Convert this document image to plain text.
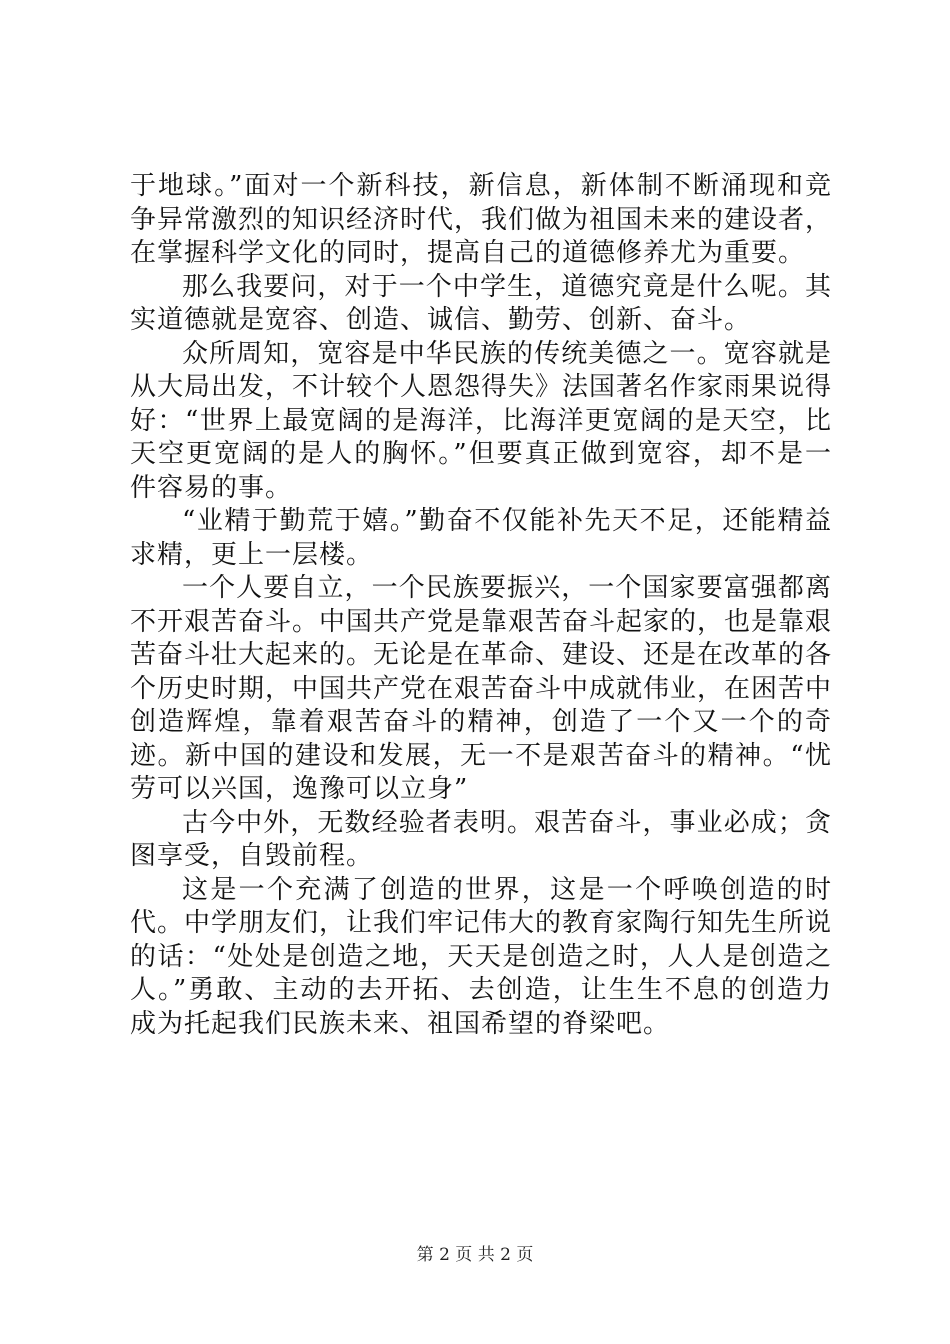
于地球。”面对一个新科技，新信息，新体制不断涌现和竞争异常激烈的知识经济时代，我们做为祖国未来的建设者，在掌握科学文化的同时，提高自己的道德修养尤为重要。

那么我要问，对于一个中学生，道德究竟是什么呢。其实道德就是宽容、创造、诚信、勤劳、创新、奋斗。

众所周知，宽容是中华民族的传统美德之一。宽容就是从大局出发，不计较个人恩怨得失》法国著名作家雨果说得好：“世界上最宽阔的是海洋，比海洋更宽阔的是天空，比天空更宽阔的是人的胸怀。”但要真正做到宽容，却不是一件容易的事。

“业精于勤荒于嬉。”勤奋不仅能补先天不足，还能精益求精，更上一层楼。

一个人要自立，一个民族要振兴，一个国家要富强都离不开艰苦奋斗。中国共产党是靠艰苦奋斗起家的，也是靠艰苦奋斗壮大起来的。无论是在革命、建设、还是在改革的各个历史时期，中国共产党在艰苦奋斗中成就伟业，在困苦中创造辉煌，靠着艰苦奋斗的精神，创造了一个又一个的奇迹。新中国的建设和发展，无一不是艰苦奋斗的精神。“忧劳可以兴国，逸豫可以立身”

古今中外，无数经验者表明。艰苦奋斗，事业必成；贪图享受，自毁前程。

这是一个充满了创造的世界，这是一个呼唤创造的时代。中学朋友们，让我们牢记伟大的教育家陶行知先生所说的话：“处处是创造之地，天天是创造之时，人人是创造之人。”勇敢、主动的去开拓、去创造，让生生不息的创造力成为托起我们民族未来、祖国希望的脊梁吧。

第 2 页 共 2 页
